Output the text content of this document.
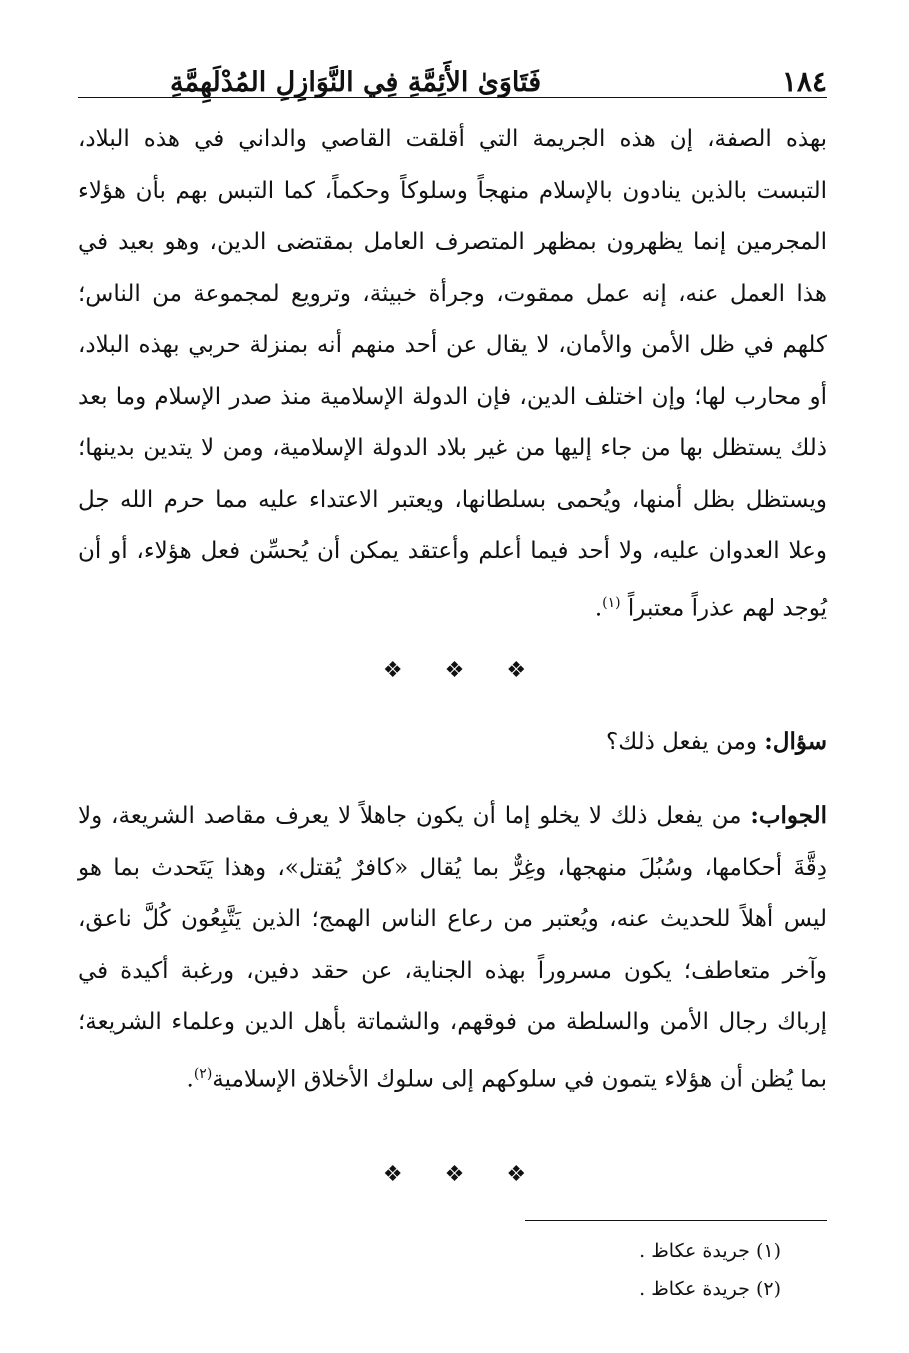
١٨٤
فَتَاوَىٰ الأَئِمَّةِ فِي النَّوَازِلِ المُدْلَهِمَّةِ

بهذه الصفة، إن هذه الجريمة التي أقلقت القاصي والداني في هذه البلاد، التبست بالذين ينادون بالإسلام منهجاً وسلوكاً وحكماً، كما التبس بهم بأن هؤلاء المجرمين إنما يظهرون بمظهر المتصرف العامل بمقتضى الدين، وهو بعيد في هذا العمل عنه، إنه عمل ممقوت، وجرأة خبيثة، وترويع لمجموعة من الناس؛ كلهم في ظل الأمن والأمان، لا يقال عن أحد منهم أنه بمنزلة حربي بهذه البلاد، أو محارب لها؛ وإن اختلف الدين، فإن الدولة الإسلامية منذ صدر الإسلام وما بعد ذلك يستظل بها من جاء إليها من غير بلاد الدولة الإسلامية، ومن لا يتدين بدينها؛ ويستظل بظل أمنها، ويُحمى بسلطانها، ويعتبر الاعتداء عليه مما حرم الله جل وعلا العدوان عليه، ولا أحد فيما أعلم وأعتقد يمكن أن يُحسِّن فعل هؤلاء، أو أن يُوجد لهم عذراً معتبراً $^{(١)}$.

❖ ❖ ❖

سؤال: ومن يفعل ذلك؟

الجواب: من يفعل ذلك لا يخلو إما أن يكون جاهلاً لا يعرف مقاصد الشريعة، ولا دِقَّةَ أحكامها، وسُبُلَ منهجها، وغِرٌّ بما يُقال «كافرٌ يُقتل»، وهذا يَتَحدث بما هو ليس أهلاً للحديث عنه، ويُعتبر من رعاع الناس الهمج؛ الذين يَتَّبِعُون كُلَّ ناعق، وآخر متعاطف؛ يكون مسروراً بهذه الجناية، عن حقد دفين، ورغبة أكيدة في إرباك رجال الأمن والسلطة من فوقهم، والشماتة بأهل الدين وعلماء الشريعة؛ بما يُظن أن هؤلاء يتمون في سلوكهم إلى سلوك الأخلاق الإسلامية$^{(٢)}$.

❖ ❖ ❖

(١) جريدة عكاظ .

(٢) جريدة عكاظ .
